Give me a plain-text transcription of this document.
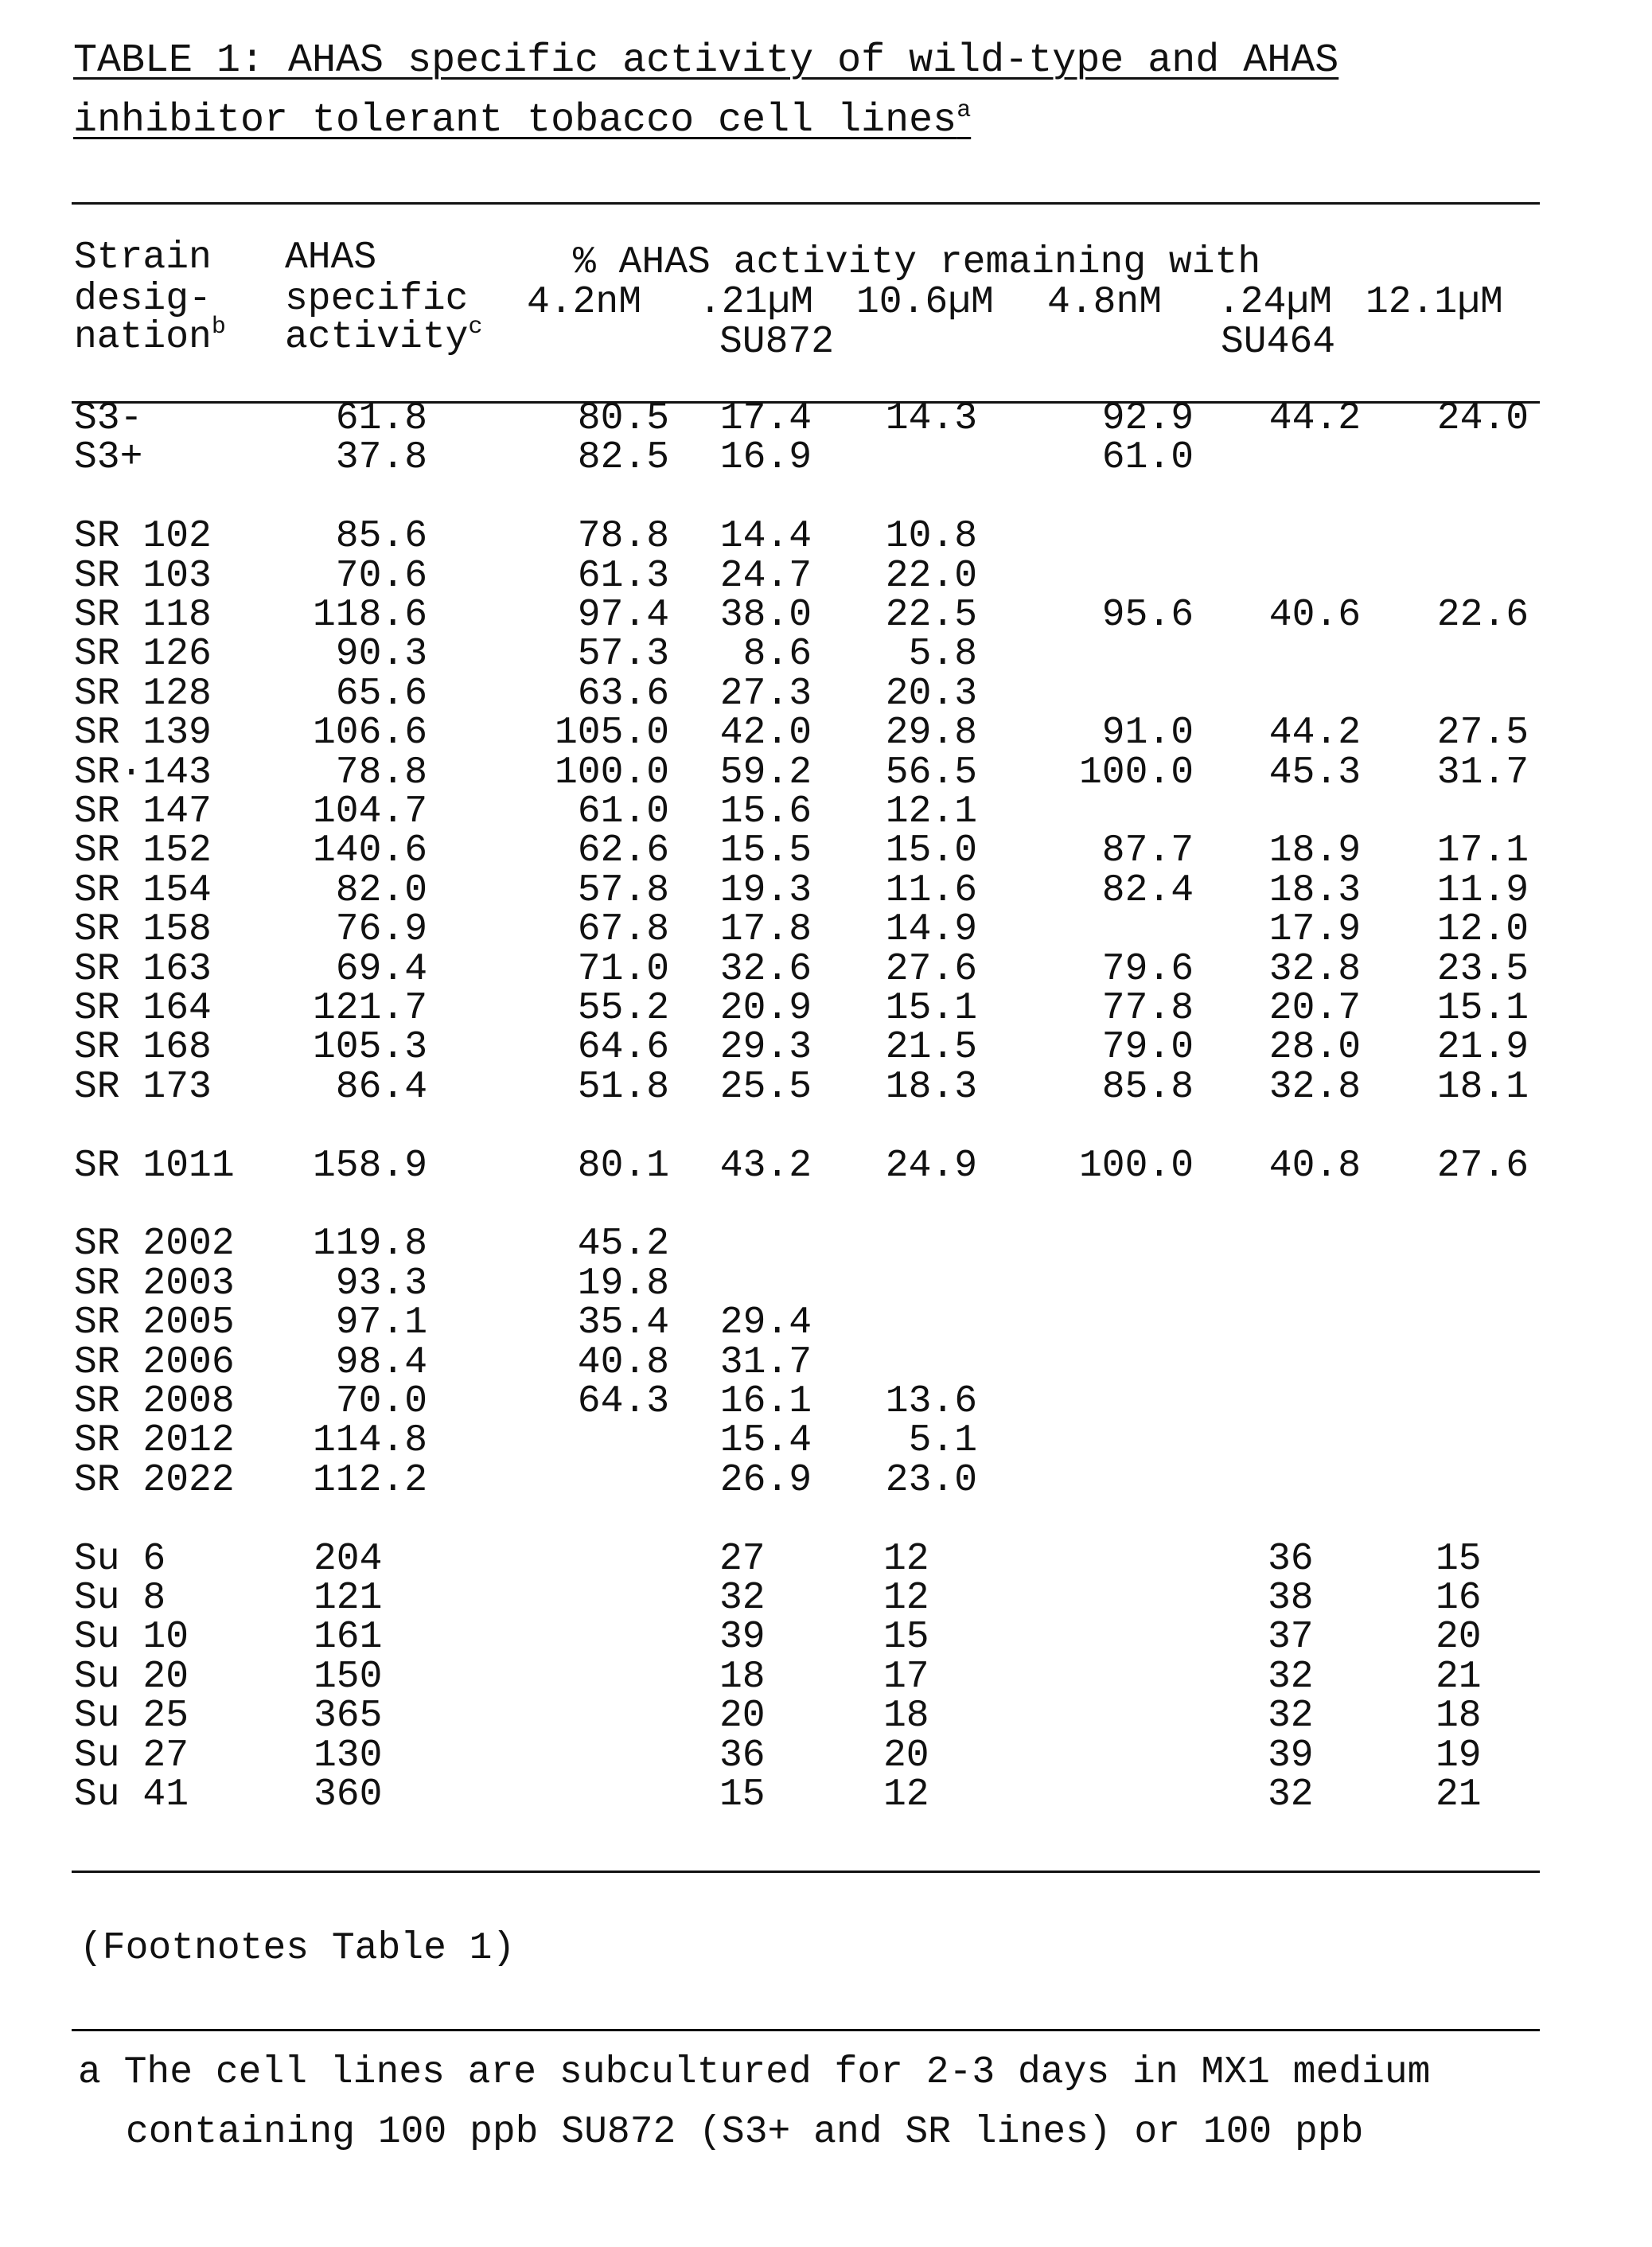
TABLE 1: AHAS specific activity of wild-type and AHAS
inhibitor tolerant tobacco cell linesa
Strain
desig-
nationb
AHAS
specific
activityc
% AHAS activity remaining with
4.2nM .21µM 10.6µM 4.8nM .24µM 12.1µM
SU872	SU464
S3-	61.8	80.5 17.4 14.3	92.9 44.2 24.0
S3+	37.8	82.5 16.9	61.0
SR 102	85.6	78.8 14.4 10.8
SR 103	70.6	61.3 24.7 22.0
SR 118	118.6	97.4 38.0 22.5	95.6 40.6 22.6
SR 126	90.3	57.3 8.6	5.8
SR 128	65.6	63.6 27.3 20.3
SR 139	106.6	105.0 42.0 29.8	91.0 44.2 27.5
SR·143	78.8	100.0 59.2 56.5	100.0 45.3 31.7
SR 147	104.7	61.0 15.6 12.1
SR 152	140.6	62.6 15.5 15.0	87.7 18.9 17.1
SR 154	82.0	57.8 19.3 11.6	82.4 18.3 11.9
SR 158	76.9	67.8 17.8 14.9	17.9 12.0
SR 163	69.4	71.0 32.6 27.6	79.6 32.8 23.5
SR 164	121.7	55.2 20.9 15.1	77.8 20.7 15.1
SR 168	105.3	64.6 29.3 21.5	79.0 28.0 21.9
SR 173	86.4	51.8 25.5 18.3	85.8 32.8 18.1
SR 1011 158.9	80.1 43.2 24.9	100.0 40.8 27.6
SR 2002 119.8	45.2
SR 2003	93.3	19.8
SR 2005	97.1	35.4 29.4
SR 2006	98.4	40.8 31.7
SR 2008	70.0	64.3 16.1 13.6
SR 2012 114.8	15.4	5.1
SR 2022 112.2	26.9 23.0
Su 6	204	27	12	36	15
Su 8	121	32	12	38	16
Su 10	161	39	15	37	20
Su 20	150	18	17	32	21
Su 25	365	20	18	32	18
Su 27	130	36	20	39	19
Su 41	360	15	12	32	21
(Footnotes Table 1)
a The cell lines are subcultured for 2-3 days in MX1 medium
containing 100 ppb SU872 (S3+ and SR lines) or 100 ppb
